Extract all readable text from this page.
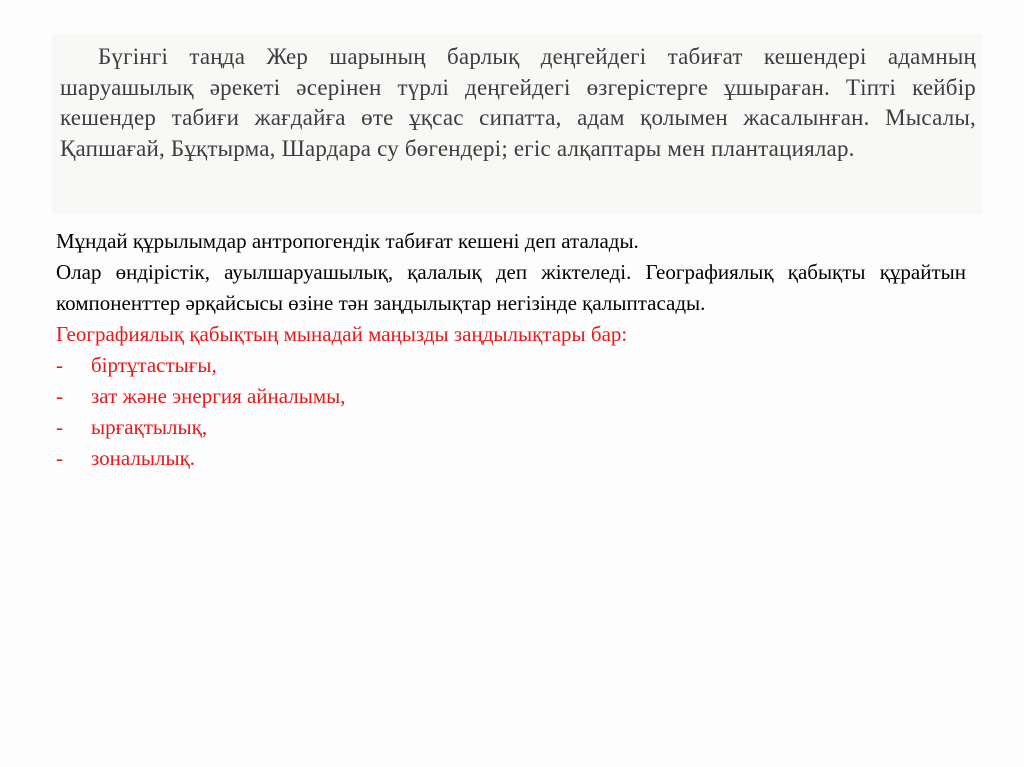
Бүгінгі таңда Жер шарының барлық деңгейдегі табиғат кешендері адамның шаруашылық әрекеті әсерінен түрлі деңгейдегі өзгерістерге ұшыраған. Тіпті кейбір кешендер табиғи жағдайға өте ұқсас сипатта, адам қолымен жасалынған. Мысалы, Қапшағай, Бұқтырма, Шардара су бөгендері; егіс алқаптары мен плантациялар.

Мұндай құрылымдар антропогендік табиғат кешені деп аталады.

Олар өндірістік, ауылшаруашылық, қалалық деп жіктеледі. Географиялық қабықты құрайтын компоненттер әрқайсысы өзіне тән заңдылықтар негізінде қалыптасады.

Географиялық қабықтың мынадай маңызды заңдылықтары бар:

-	біртұтастығы,
-	зат және энергия айналымы,
-	ырғақтылық,
-	зоналылық.
